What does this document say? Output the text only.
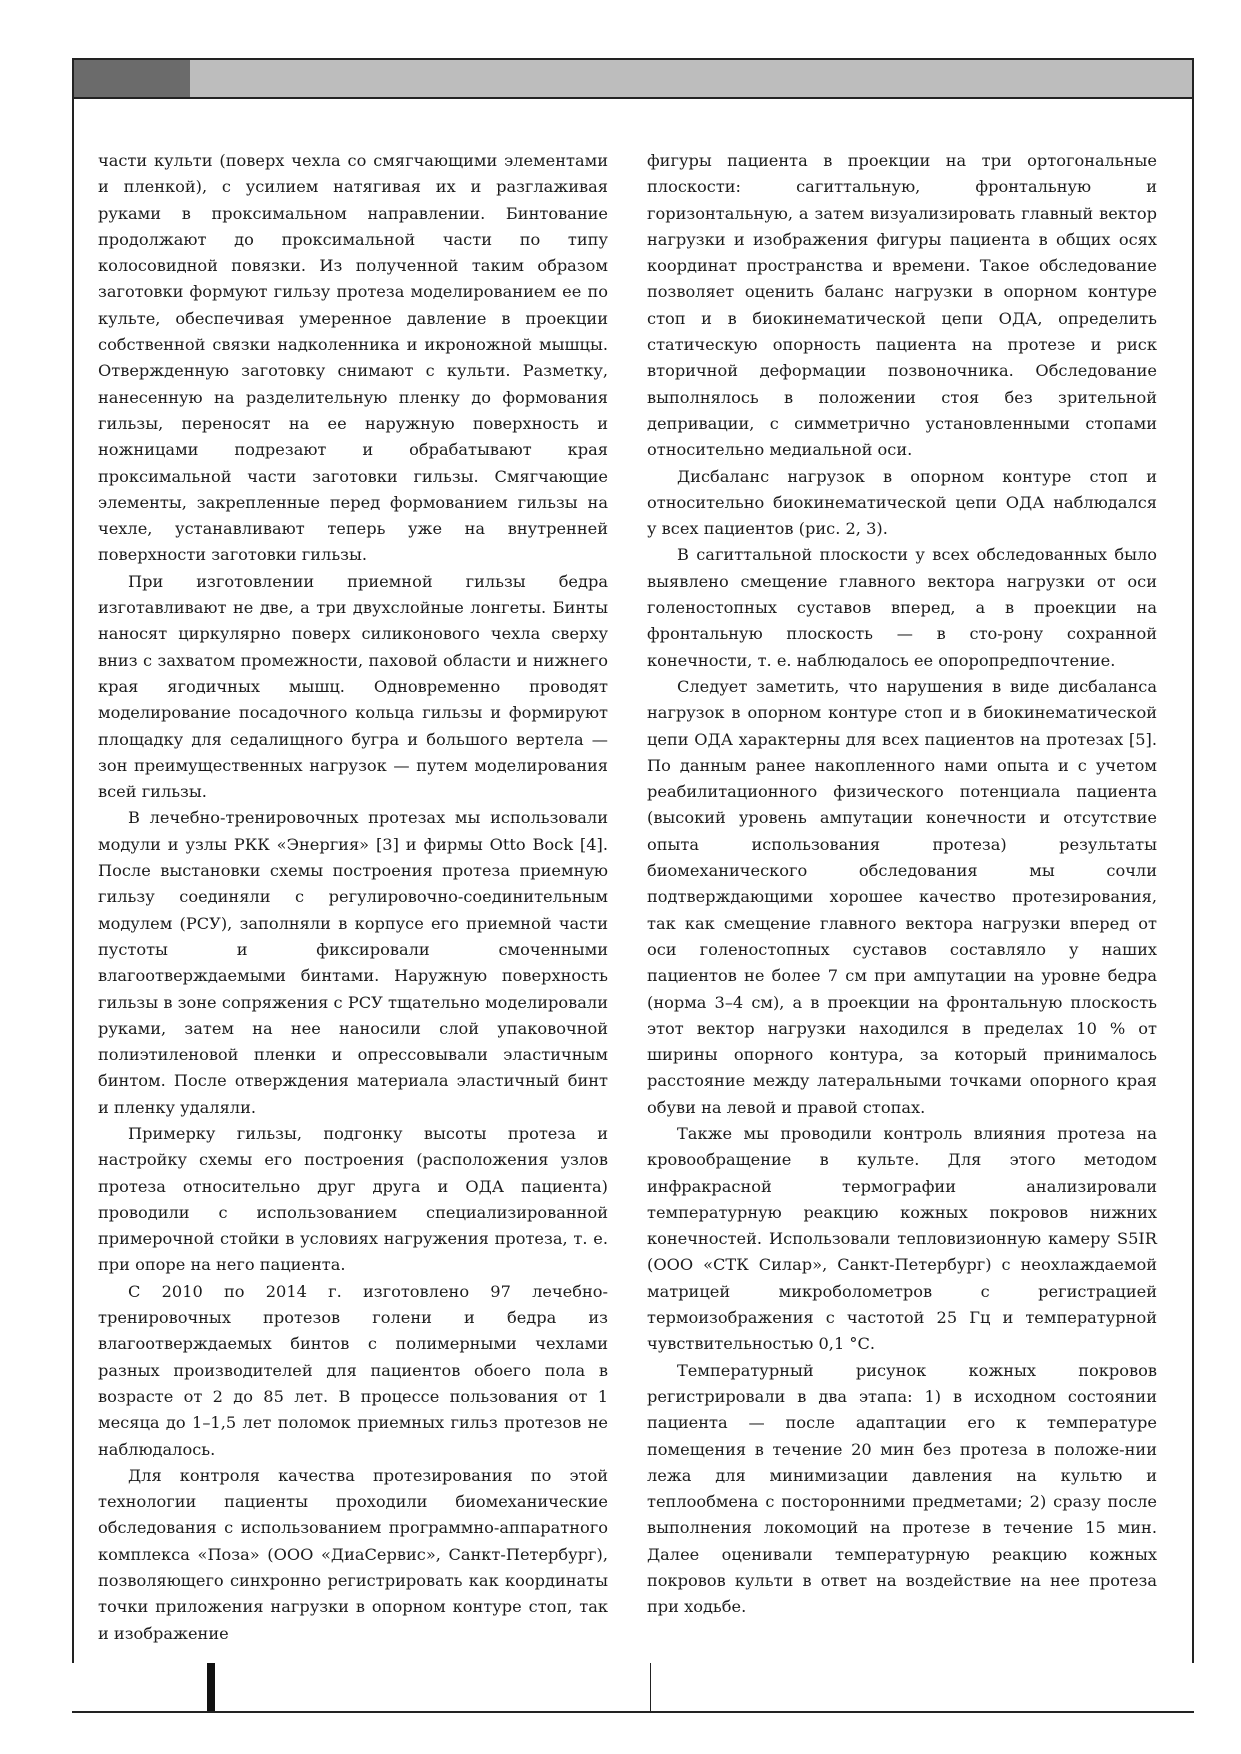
части культи (поверх чехла со смягчающими элементами и пленкой), с усилием натягивая их и разглаживая руками в проксимальном направлении. Бинтование продолжают до проксимальной части по типу колосовидной повязки. Из полученной таким образом заготовки формуют гильзу протеза моделированием ее по культе, обеспечивая умеренное давление в проекции собственной связки надколенника и икроножной мышцы. Отвержденную заготовку снимают с культи. Разметку, нанесенную на разделительную пленку до формования гильзы, переносят на ее наружную поверхность и ножницами подрезают и обрабатывают края проксимальной части заготовки гильзы. Смягчающие элементы, закрепленные перед формованием гильзы на чехле, устанавливают теперь уже на внутренней поверхности заготовки гильзы.

При изготовлении приемной гильзы бедра изготавливают не две, а три двухслойные лонгеты. Бинты наносят циркулярно поверх силиконового чехла сверху вниз с захватом промежности, паховой области и нижнего края ягодичных мышц. Одновременно проводят моделирование посадочного кольца гильзы и формируют площадку для седалищного бугра и большого вертела — зон преимущественных нагрузок — путем моделирования всей гильзы.

В лечебно-тренировочных протезах мы использовали модули и узлы РКК «Энергия» [3] и фирмы Otto Bock [4]. После выстановки схемы построения протеза приемную гильзу соединяли с регулировочно-соединительным модулем (РСУ), заполняли в корпусе его приемной части пустоты и фиксировали смоченными влагоотверждаемыми бинтами. Наружную поверхность гильзы в зоне сопряжения с РСУ тщательно моделировали руками, затем на нее наносили слой упаковочной полиэтиленовой пленки и опрессовывали эластичным бинтом. После отверждения материала эластичный бинт и пленку удаляли.

Примерку гильзы, подгонку высоты протеза и настройку схемы его построения (расположения узлов протеза относительно друг друга и ОДА пациента) проводили с использованием специализированной примерочной стойки в условиях нагружения протеза, т. е. при опоре на него пациента.

С 2010 по 2014 г. изготовлено 97 лечебно-тренировочных протезов голени и бедра из влагоотверждаемых бинтов с полимерными чехлами разных производителей для пациентов обоего пола в возрасте от 2 до 85 лет. В процессе пользования от 1 месяца до 1–1,5 лет поломок приемных гильз протезов не наблюдалось.

Для контроля качества протезирования по этой технологии пациенты проходили биомеханические обследования с использованием программно-аппаратного комплекса «Поза» (ООО «ДиаСервис», Санкт-Петербург), позволяющего синхронно регистрировать как координаты точки приложения нагрузки в опорном контуре стоп, так и изображение

фигуры пациента в проекции на три ортогональные плоскости: сагиттальную, фронтальную и горизонтальную, а затем визуализировать главный вектор нагрузки и изображения фигуры пациента в общих осях координат пространства и времени. Такое обследование позволяет оценить баланс нагрузки в опорном контуре стоп и в биокинематической цепи ОДА, определить статическую опорность пациента на протезе и риск вторичной деформации позвоночника. Обследование выполнялось в положении стоя без зрительной депривации, с симметрично установленными стопами относительно медиальной оси.

Дисбаланс нагрузок в опорном контуре стоп и относительно биокинематической цепи ОДА наблюдался у всех пациентов (рис. 2, 3).

В сагиттальной плоскости у всех обследованных было выявлено смещение главного вектора нагрузки от оси голеностопных суставов вперед, а в проекции на фронтальную плоскость — в сто-рону сохранной конечности, т. е. наблюдалось ее опоропредпочтение.

Следует заметить, что нарушения в виде дисбаланса нагрузок в опорном контуре стоп и в биокинематической цепи ОДА характерны для всех пациентов на протезах [5]. По данным ранее накопленного нами опыта и с учетом реабилитационного физического потенциала пациента (высокий уровень ампутации конечности и отсутствие опыта использования протеза) результаты биомеханического обследования мы сочли подтверждающими хорошее качество протезирования, так как смещение главного вектора нагрузки вперед от оси голеностопных суставов составляло у наших пациентов не более 7 см при ампутации на уровне бедра (норма 3–4 см), а в проекции на фронтальную плоскость этот вектор нагрузки находился в пределах 10 % от ширины опорного контура, за который принималось расстояние между латеральными точками опорного края обуви на левой и правой стопах.

Также мы проводили контроль влияния протеза на кровообращение в культе. Для этого методом инфракрасной термографии анализировали температурную реакцию кожных покровов нижних конечностей. Использовали тепловизионную камеру S5IR (ООО «СТК Силар», Санкт-Петербург) с неохлаждаемой матрицей микроболометров с регистрацией термоизображения с частотой 25 Гц и температурной чувствительностью 0,1 °С.

Температурный рисунок кожных покровов регистрировали в два этапа: 1) в исходном состоянии пациента — после адаптации его к температуре помещения в течение 20 мин без протеза в положе-нии лежа для минимизации давления на культю и теплообмена с посторонними предметами; 2) сразу после выполнения локомоций на протезе в течение 15 мин. Далее оценивали температурную реакцию кожных покровов культи в ответ на воздействие на нее протеза при ходьбе.
